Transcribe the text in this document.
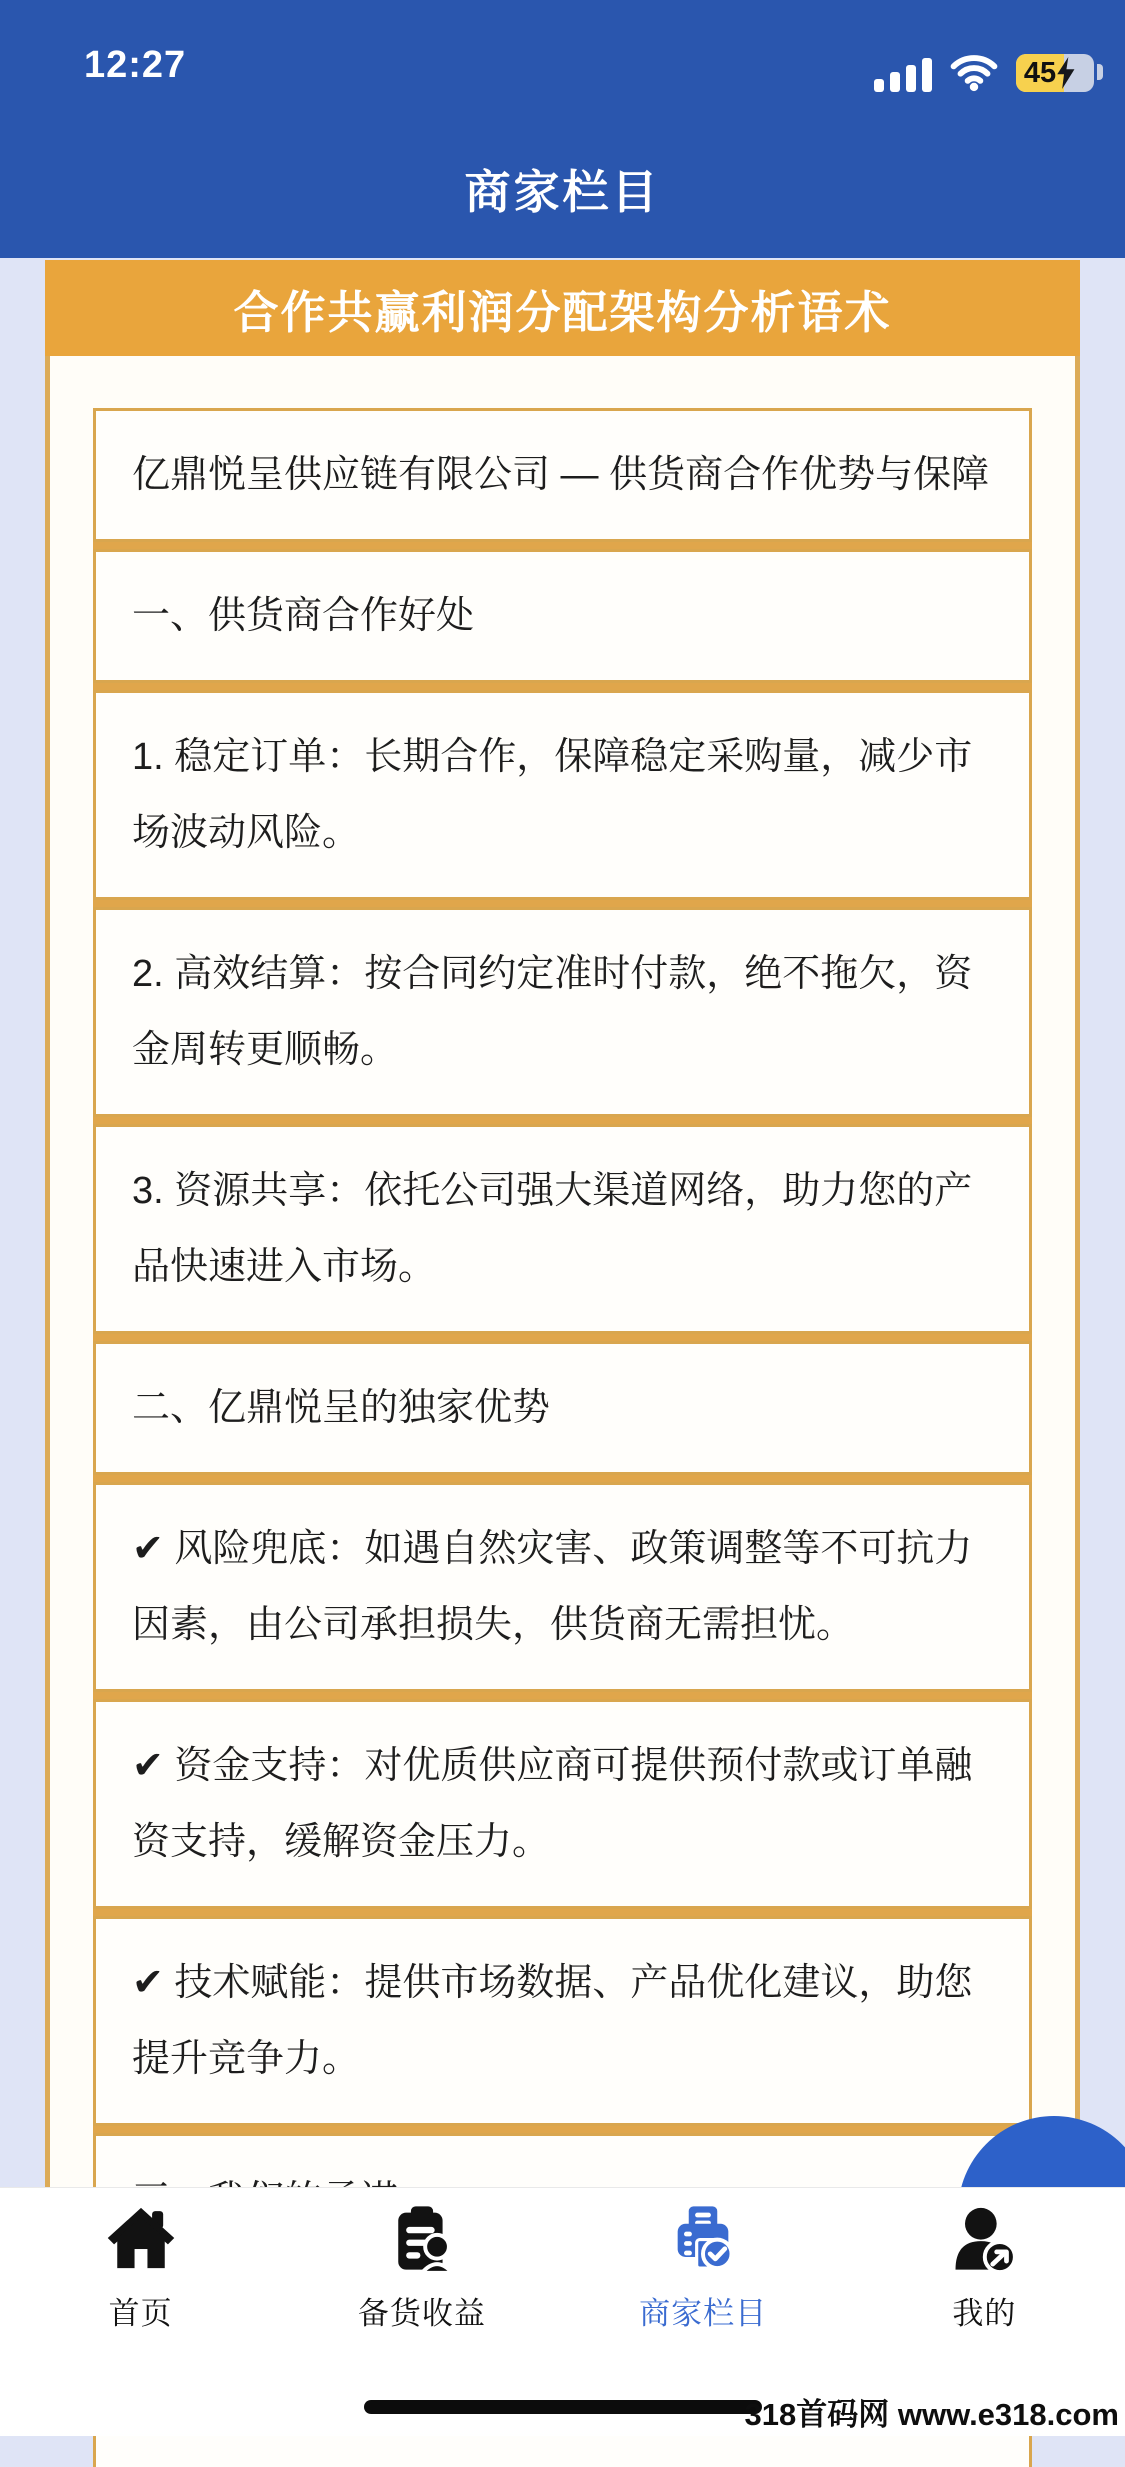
12:27	45
商家栏目
合作共赢利润分配架构分析语术
亿鼎悦呈供应链有限公司 — 供货商合作优势与保障
一、供货商合作好处
1. 稳定订单：长期合作，保障稳定采购量，减少市场波动风险。
2. 高效结算：按合同约定准时付款，绝不拖欠，资金周转更顺畅。
3. 资源共享：依托公司强大渠道网络，助力您的产品快速进入市场。
二、亿鼎悦呈的独家优势
✔ 风险兜底：如遇自然灾害、政策调整等不可抗力因素，由公司承担损失，供货商无需担忧。
✔ 资金支持：对优质供应商可提供预付款或订单融资支持，缓解资金压力。
✔ 技术赋能：提供市场数据、产品优化建议，助您提升竞争力。
首页	备货收益	商家栏目	我的
318首码网 www.e318.com
